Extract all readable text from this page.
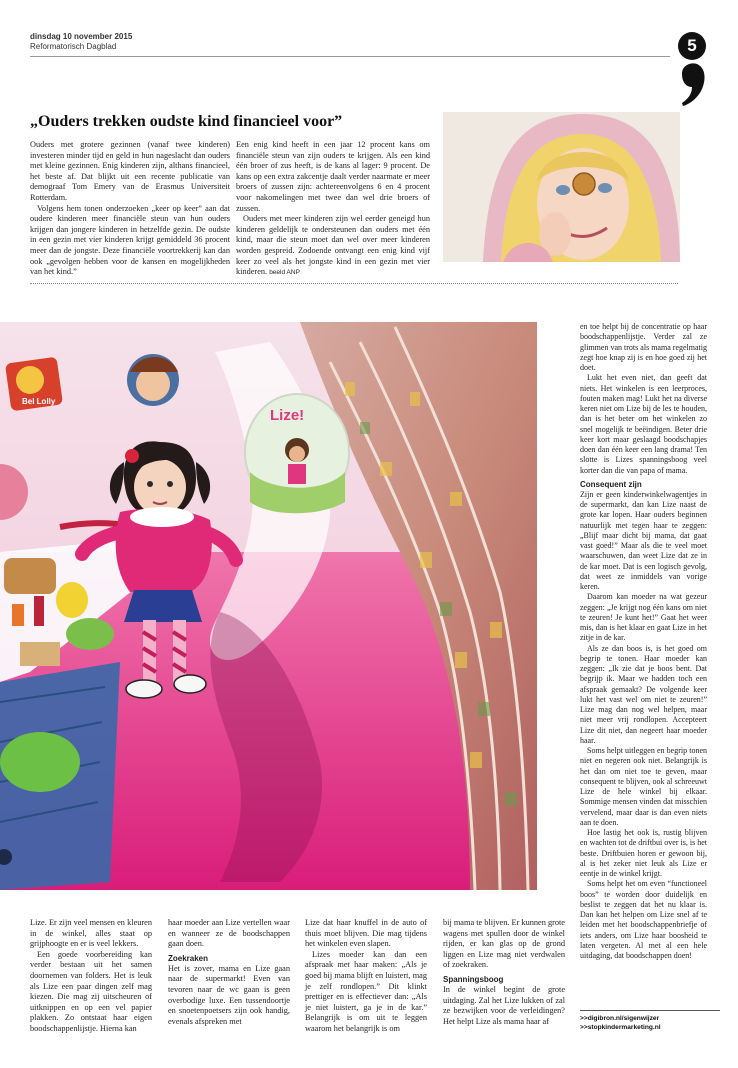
dinsdag 10 november 2015
Reformatorisch Dagblad	5
„Ouders trekken oudste kind financieel voor”

Ouders met grotere gezinnen (vanaf twee kinderen) investeren minder tijd en geld in hun nageslacht dan ouders met kleine gezinnen. Enig kinderen zijn, althans financieel, het beste af. Dat blijkt uit een recente publicatie van demograaf Tom Emery van de Erasmus Universiteit Rotterdam.

Volgens hem tonen onderzoeken „keer op keer” aan dat oudere kinderen meer financiële steun van hun ouders krijgen dan jongere kinderen in hetzelfde gezin. De oudste in een gezin met vier kinderen krijgt gemiddeld 36 procent meer dan de jongste. Deze financiële voortrekkerij kan dan ook „gevolgen hebben voor de kansen en mogelijkheden van het kind.”

Een enig kind heeft in een jaar 12 procent kans om financiële steun van zijn ouders te krijgen. Als een kind één broer of zus heeft, is de kans al lager: 9 procent. De kans op een extra zakcentje daalt verder naarmate er meer broers of zussen zijn: achtereenvolgens 6 en 4 procent voor nakomelingen met twee dan wel drie broers of zussen.

Ouders met meer kinderen zijn wel eerder geneigd hun kinderen geldelijk te ondersteunen dan ouders met één kind, maar die steun moet dan wel over meer kinderen worden gespreid. Zodoende ontvangt een enig kind vijf keer zo veel als het jongste kind in een gezin met vier kinderen. beeld ANP

Bel Lolly
Lize!

Lize. Er zijn veel mensen en kleuren in de winkel, alles staat op grijphoogte en er is veel lekkers.

Een goede voorbereiding kan verder bestaan uit het samen doornemen van folders. Het is leuk als Lize een paar dingen zelf mag kiezen. Die mag zij uitscheuren of uitknippen en op een vel papier plakken. Zo ontstaat haar eigen boodschappenlijstje. Hierna kan

haar moeder aan Lize vertellen waar en wanneer ze de boodschappen gaan doen.

Zoekraken

Het is zover, mama en Lize gaan naar de supermarkt! Even van tevoren naar de wc gaan is geen overbodige luxe. Een tussendoortje en snoetenpoetsers zijn ook handig, evenals afspreken met

Lize dat haar knuffel in de auto of thuis moet blijven. Die mag tijdens het winkelen even slapen.

Lizes moeder kan dan een afspraak met haar maken: „Als je goed bij mama blijft en luistert, mag je zelf rondlopen.” Dit klinkt prettiger en is effectiever dan: „Als je niet luistert, ga je in de kar.” Belangrijk is om uit te leggen waarom het belangrijk is om

bij mama te blijven. Er kunnen grote wagens met spullen door de winkel rijden, er kan glas op de grond liggen en Lize mag niet verdwalen of zoekraken.

Spanningsboog

In de winkel begint de grote uitdaging. Zal het Lize lukken of zal ze bezwijken voor de verleidingen? Het helpt Lize als mama haar af

en toe helpt bij de concentratie op haar boodschappenlijstje. Verder zal ze glimmen van trots als mama regelmatig zegt hoe knap zij is en hoe goed zij het doet.

Lukt het even niet, dan geeft dat niets. Het winkelen is een leerproces, fouten maken mag! Lukt het na diverse keren niet om Lize bij de les te houden, dan is het beter om het winkelen zo snel mogelijk te beëindigen. Beter drie keer kort maar geslaagd boodschapjes doen dan één keer een lang drama! Ten slotte is Lizes spanningsboog veel korter dan die van papa of mama.

Consequent zijn

Zijn er geen kinderwinkelwagentjes in de supermarkt, dan kan Lize naast de grote kar lopen. Haar ouders beginnen natuurlijk met tegen haar te zeggen: „Blijf maar dicht bij mama, dat gaat vast goed!” Maar als die te veel moet waarschuwen, dan weet Lize dat ze in de kar moet. Dat is een logisch gevolg, dat weet ze inmiddels van vorige keren.

Daarom kan moeder na wat gezeur zeggen: „Je krijgt nog één kans om niet te zeuren! Je kunt het!” Gaat het weer mis, dan is het klaar en gaat Lize in het zitje in de kar.

Als ze dan boos is, is het goed om begrip te tonen. Haar moeder kan zeggen: „Ik zie dat je boos bent. Dat begrijp ik. Maar we hadden toch een afspraak gemaakt? De volgende keer lukt het vast wel om niet te zeuren!” Lize mag dan nog wel helpen, maar niet meer vrij rondlopen. Accepteert Lize dit niet, dan negeert haar moeder haar.

Soms helpt uitleggen en begrip tonen niet en negeren ook niet. Belangrijk is het dan om niet toe te geven, maar consequent te blijven, ook al schreeuwt Lize de hele winkel bij elkaar. Sommige mensen vinden dat misschien vervelend, maar daar is dan even niets aan te doen.

Hoe lastig het ook is, rustig blijven en wachten tot de driftbui over is, is het beste. Driftbuien horen er gewoon bij, al is het zeker niet leuk als Lize er eentje in de winkel krijgt.

Soms helpt het om even “functioneel boos” te worden door duidelijk en beslist te zeggen dat het nu klaar is. Dan kan het helpen om Lize snel af te leiden met het boodschappenbriefje of iets anders, om Lize haar boosheid te laten vergeten. Al met al een hele uitdaging, dat boodschappen doen!

>>digibron.nl/sigenwijzer
>>stopkindermarketing.nl
